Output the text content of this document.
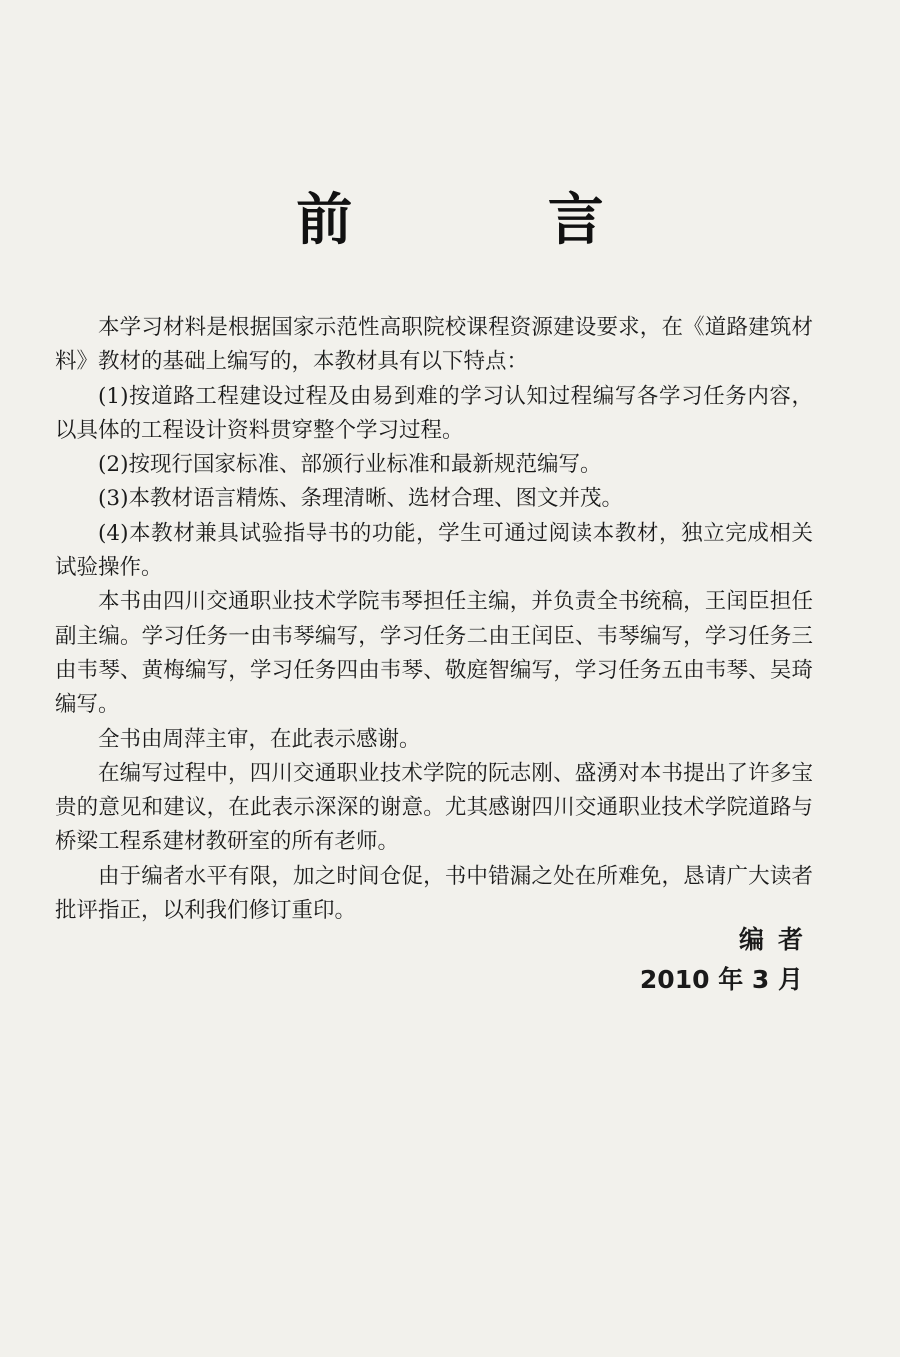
前 言

本学习材料是根据国家示范性高职院校课程资源建设要求，在《道路建筑材料》教材的基础上编写的，本教材具有以下特点：

(1)按道路工程建设过程及由易到难的学习认知过程编写各学习任务内容，以具体的工程设计资料贯穿整个学习过程。

(2)按现行国家标准、部颁行业标准和最新规范编写。

(3)本教材语言精炼、条理清晰、选材合理、图文并茂。

(4)本教材兼具试验指导书的功能，学生可通过阅读本教材，独立完成相关试验操作。

本书由四川交通职业技术学院韦琴担任主编，并负责全书统稿，王闰臣担任副主编。学习任务一由韦琴编写，学习任务二由王闰臣、韦琴编写，学习任务三由韦琴、黄梅编写，学习任务四由韦琴、敬庭智编写，学习任务五由韦琴、吴琦编写。

全书由周萍主审，在此表示感谢。

在编写过程中，四川交通职业技术学院的阮志刚、盛湧对本书提出了许多宝贵的意见和建议，在此表示深深的谢意。尤其感谢四川交通职业技术学院道路与桥梁工程系建材教研室的所有老师。

由于编者水平有限，加之时间仓促，书中错漏之处在所难免，恳请广大读者批评指正，以利我们修订重印。

编者
2010 年 3 月
